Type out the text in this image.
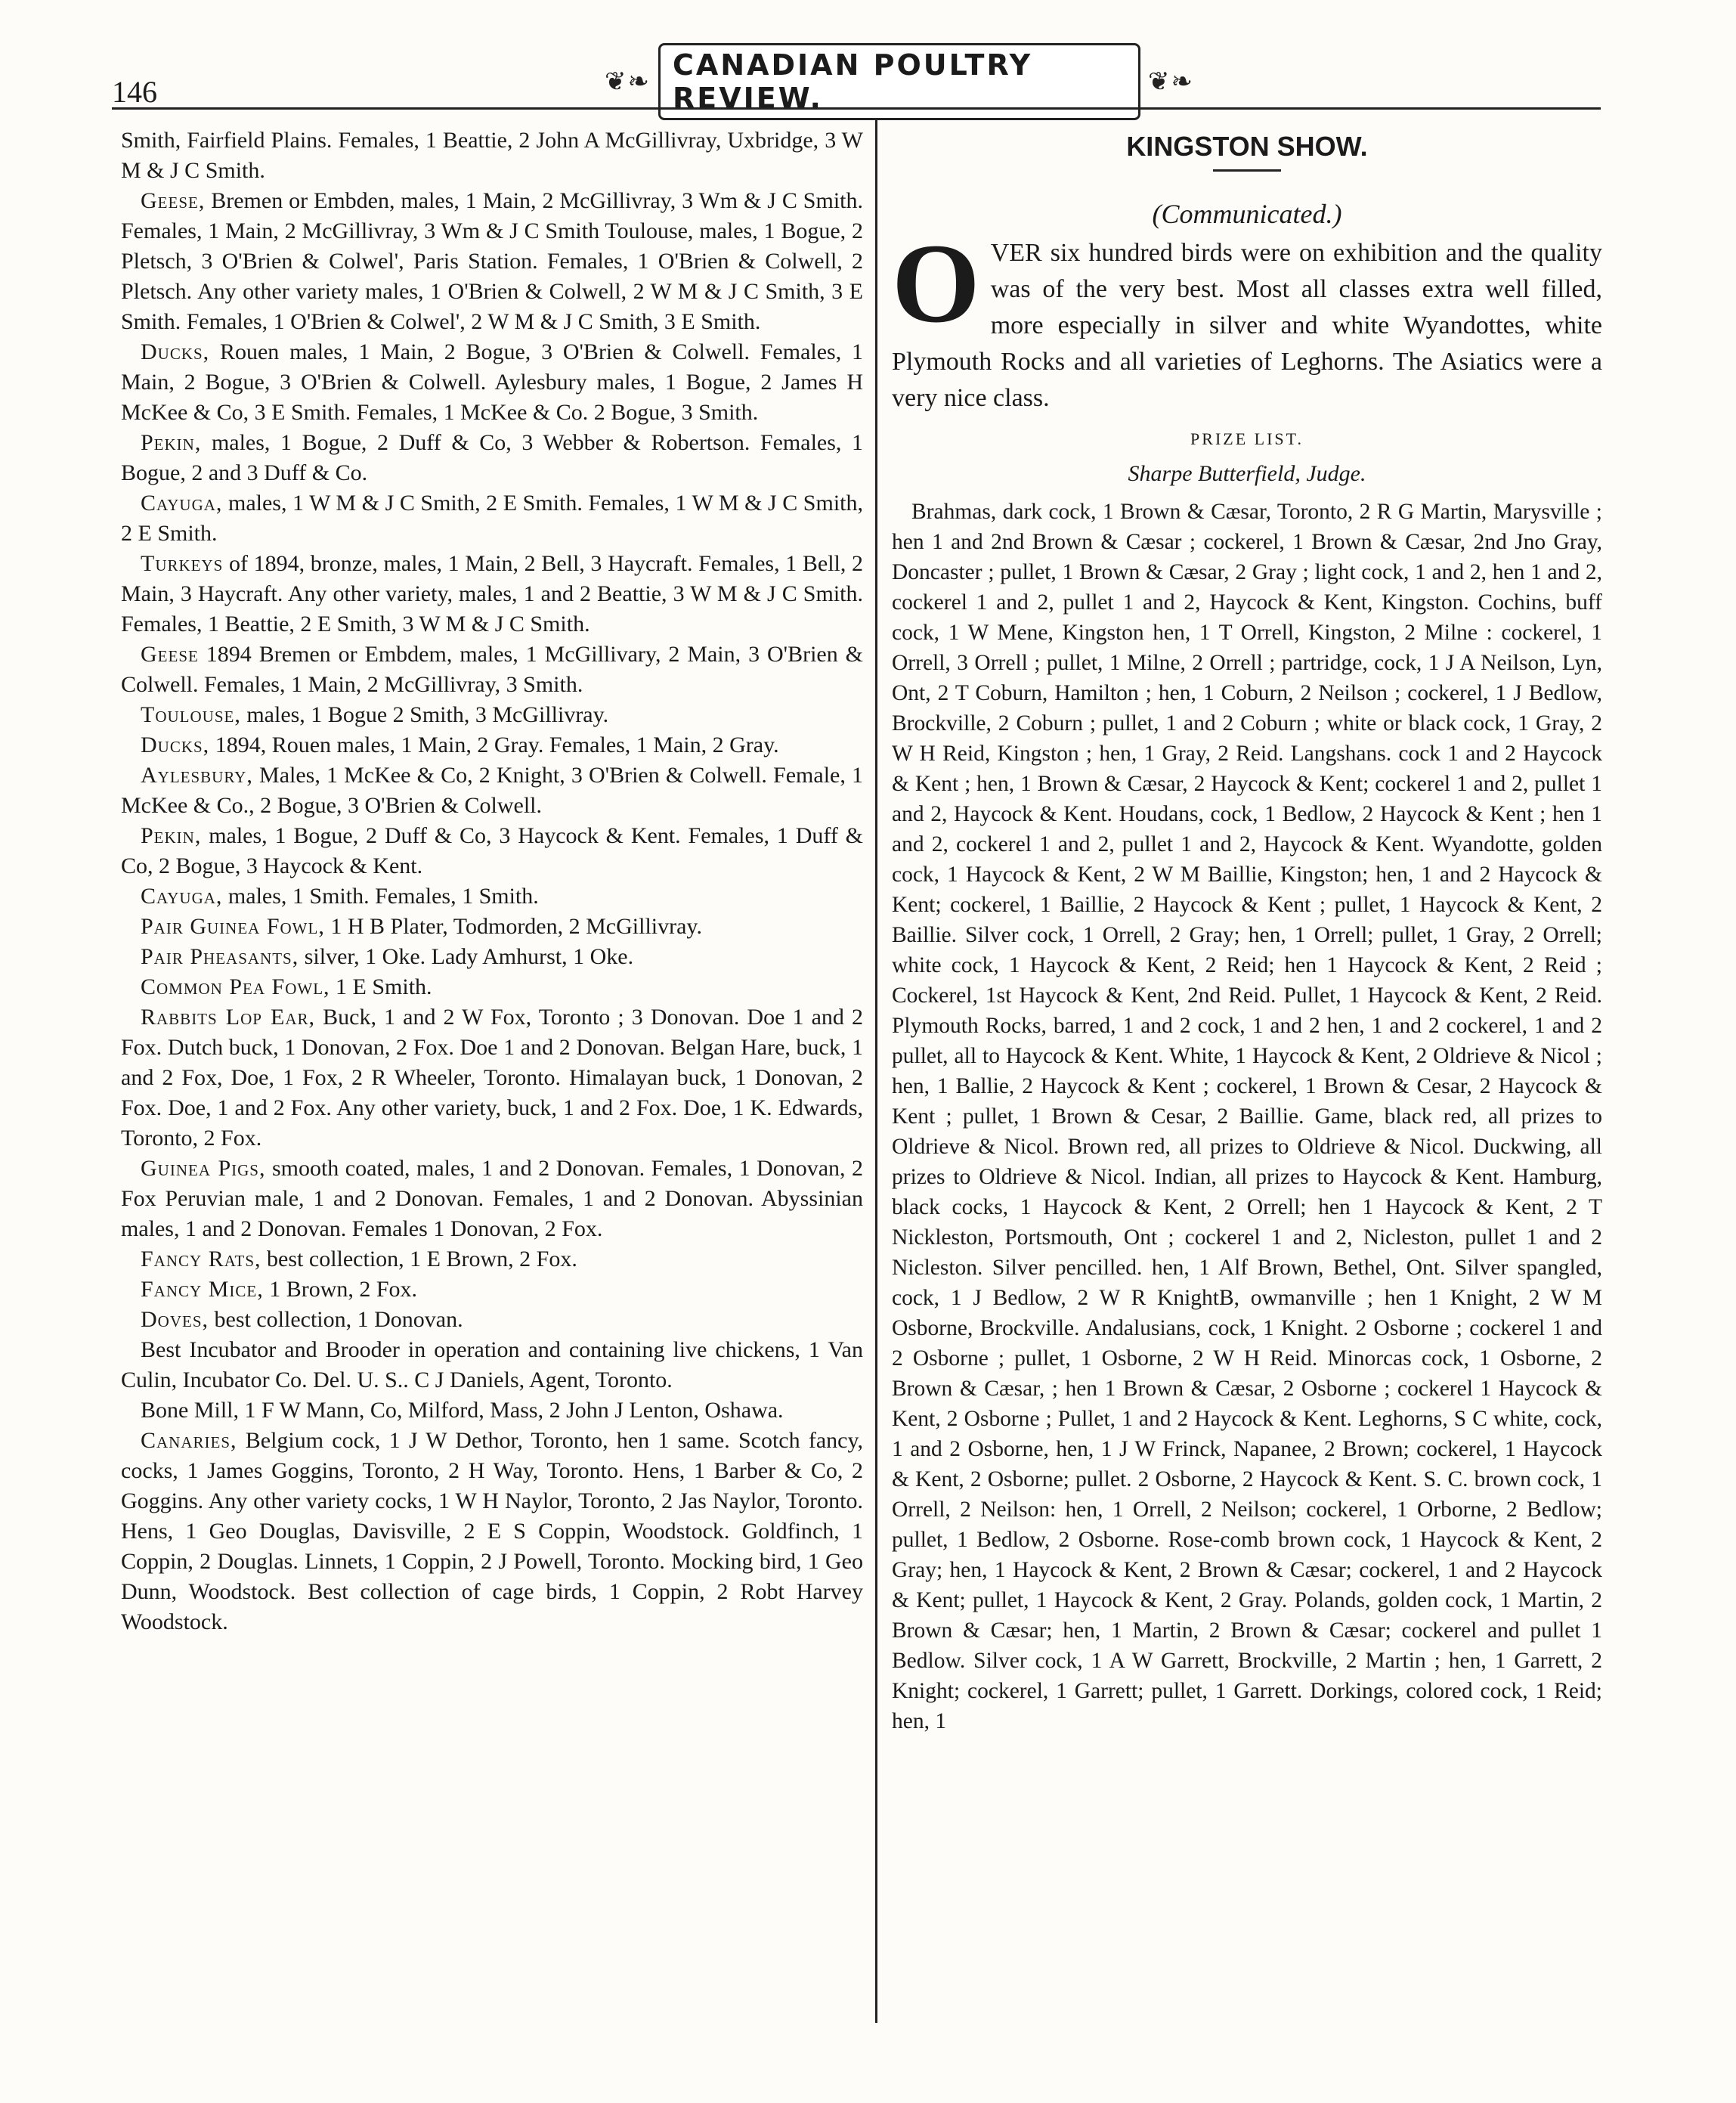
146	❦❧
CANADIAN POULTRY REVIEW.	❦❧

Smith, Fairfield Plains. Females, 1 Beattie, 2 John A McGillivray, Uxbridge, 3 W M & J C Smith.

Geese, Bremen or Embden, males, 1 Main, 2 McGillivray, 3 Wm & J C Smith. Females, 1 Main, 2 McGillivray, 3 Wm & J C Smith Toulouse, males, 1 Bogue, 2 Pletsch, 3 O'Brien & Colwel', Paris Station. Females, 1 O'Brien & Colwell, 2 Pletsch. Any other variety males, 1 O'Brien & Colwell, 2 W M & J C Smith, 3 E Smith. Females, 1 O'Brien & Colwel', 2 W M & J C Smith, 3 E Smith.

Ducks, Rouen males, 1 Main, 2 Bogue, 3 O'Brien & Colwell. Females, 1 Main, 2 Bogue, 3 O'Brien & Colwell. Aylesbury males, 1 Bogue, 2 James H McKee & Co, 3 E Smith. Females, 1 McKee & Co. 2 Bogue, 3 Smith.

Pekin, males, 1 Bogue, 2 Duff & Co, 3 Webber & Robertson. Females, 1 Bogue, 2 and 3 Duff & Co.

Cayuga, males, 1 W M & J C Smith, 2 E Smith. Females, 1 W M & J C Smith, 2 E Smith.

Turkeys of 1894, bronze, males, 1 Main, 2 Bell, 3 Haycraft. Females, 1 Bell, 2 Main, 3 Haycraft. Any other variety, males, 1 and 2 Beattie, 3 W M & J C Smith. Females, 1 Beattie, 2 E Smith, 3 W M & J C Smith.

Geese 1894 Bremen or Embdem, males, 1 McGillivary, 2 Main, 3 O'Brien & Colwell. Females, 1 Main, 2 McGillivray, 3 Smith.

Toulouse, males, 1 Bogue 2 Smith, 3 McGillivray.

Ducks, 1894, Rouen males, 1 Main, 2 Gray. Females, 1 Main, 2 Gray.

Aylesbury, Males, 1 McKee & Co, 2 Knight, 3 O'Brien & Colwell. Female, 1 McKee & Co., 2 Bogue, 3 O'Brien & Colwell.

Pekin, males, 1 Bogue, 2 Duff & Co, 3 Haycock & Kent. Females, 1 Duff & Co, 2 Bogue, 3 Haycock & Kent.

Cayuga, males, 1 Smith. Females, 1 Smith.

Pair Guinea Fowl, 1 H B Plater, Todmorden, 2 McGillivray.

Pair Pheasants, silver, 1 Oke. Lady Amhurst, 1 Oke.

Common Pea Fowl, 1 E Smith.

Rabbits Lop Ear, Buck, 1 and 2 W Fox, Toronto ; 3 Donovan. Doe 1 and 2 Fox. Dutch buck, 1 Donovan, 2 Fox. Doe 1 and 2 Donovan. Belgan Hare, buck, 1 and 2 Fox, Doe, 1 Fox, 2 R Wheeler, Toronto. Himalayan buck, 1 Donovan, 2 Fox. Doe, 1 and 2 Fox. Any other variety, buck, 1 and 2 Fox. Doe, 1 K. Edwards, Toronto, 2 Fox.

Guinea Pigs, smooth coated, males, 1 and 2 Donovan. Females, 1 Donovan, 2 Fox Peruvian male, 1 and 2 Donovan. Females, 1 and 2 Donovan. Abyssinian males, 1 and 2 Donovan. Females 1 Donovan, 2 Fox.

Fancy Rats, best collection, 1 E Brown, 2 Fox.

Fancy Mice, 1 Brown, 2 Fox.

Doves, best collection, 1 Donovan.

Best Incubator and Brooder in operation and containing live chickens, 1 Van Culin, Incubator Co. Del. U. S.. C J Daniels, Agent, Toronto.

Bone Mill, 1 F W Mann, Co, Milford, Mass, 2 John J Lenton, Oshawa.

Canaries, Belgium cock, 1 J W Dethor, Toronto, hen 1 same. Scotch fancy, cocks, 1 James Goggins, Toronto, 2 H Way, Toronto. Hens, 1 Barber & Co, 2 Goggins. Any other variety cocks, 1 W H Naylor, Toronto, 2 Jas Naylor, Toronto. Hens, 1 Geo Douglas, Davisville, 2 E S Coppin, Woodstock. Goldfinch, 1 Coppin, 2 Douglas. Linnets, 1 Coppin, 2 J Powell, Toronto. Mocking bird, 1 Geo Dunn, Woodstock. Best collection of cage birds, 1 Coppin, 2 Robt Harvey Woodstock.

KINGSTON SHOW.
(Communicated.)
OVER six hundred birds were on exhibition and the quality was of the very best. Most all classes extra well filled, more especially in silver and white Wyandottes, white Plymouth Rocks and all varieties of Leghorns. The Asiatics were a very nice class.
PRIZE LIST.
Sharpe Butterfield, Judge.

Brahmas, dark cock, 1 Brown & Cæsar, Toronto, 2 R G Martin, Marysville ; hen 1 and 2nd Brown & Cæsar ; cockerel, 1 Brown & Cæsar, 2nd Jno Gray, Doncaster ; pullet, 1 Brown & Cæsar, 2 Gray ; light cock, 1 and 2, hen 1 and 2, cockerel 1 and 2, pullet 1 and 2, Haycock & Kent, Kingston. Cochins, buff cock, 1 W Mene, Kingston hen, 1 T Orrell, Kingston, 2 Milne : cockerel, 1 Orrell, 3 Orrell ; pullet, 1 Milne, 2 Orrell ; partridge, cock, 1 J A Neilson, Lyn, Ont, 2 T Coburn, Hamilton ; hen, 1 Coburn, 2 Neilson ; cockerel, 1 J Bedlow, Brockville, 2 Coburn ; pullet, 1 and 2 Coburn ; white or black cock, 1 Gray, 2 W H Reid, Kingston ; hen, 1 Gray, 2 Reid. Langshans. cock 1 and 2 Haycock & Kent ; hen, 1 Brown & Cæsar, 2 Haycock & Kent; cockerel 1 and 2, pullet 1 and 2, Haycock & Kent. Houdans, cock, 1 Bedlow, 2 Haycock & Kent ; hen 1 and 2, cockerel 1 and 2, pullet 1 and 2, Haycock & Kent. Wyandotte, golden cock, 1 Haycock & Kent, 2 W M Baillie, Kingston; hen, 1 and 2 Haycock & Kent; cockerel, 1 Baillie, 2 Haycock & Kent ; pullet, 1 Haycock & Kent, 2 Baillie. Silver cock, 1 Orrell, 2 Gray; hen, 1 Orrell; pullet, 1 Gray, 2 Orrell; white cock, 1 Haycock & Kent, 2 Reid; hen 1 Haycock & Kent, 2 Reid ; Cockerel, 1st Haycock & Kent, 2nd Reid. Pullet, 1 Haycock & Kent, 2 Reid. Plymouth Rocks, barred, 1 and 2 cock, 1 and 2 hen, 1 and 2 cockerel, 1 and 2 pullet, all to Haycock & Kent. White, 1 Haycock & Kent, 2 Oldrieve & Nicol ; hen, 1 Ballie, 2 Haycock & Kent ; cockerel, 1 Brown & Cesar, 2 Haycock & Kent ; pullet, 1 Brown & Cesar, 2 Baillie. Game, black red, all prizes to Oldrieve & Nicol. Brown red, all prizes to Oldrieve & Nicol. Duckwing, all prizes to Oldrieve & Nicol. Indian, all prizes to Haycock & Kent. Hamburg, black cocks, 1 Haycock & Kent, 2 Orrell; hen 1 Haycock & Kent, 2 T Nickleston, Portsmouth, Ont ; cockerel 1 and 2, Nicleston, pullet 1 and 2 Nicleston. Silver pencilled. hen, 1 Alf Brown, Bethel, Ont. Silver spangled, cock, 1 J Bedlow, 2 W R KnightB, owmanville ; hen 1 Knight, 2 W M Osborne, Brockville. Andalusians, cock, 1 Knight. 2 Osborne ; cockerel 1 and 2 Osborne ; pullet, 1 Osborne, 2 W H Reid. Minorcas cock, 1 Osborne, 2 Brown & Cæsar, ; hen 1 Brown & Cæsar, 2 Osborne ; cockerel 1 Haycock & Kent, 2 Osborne ; Pullet, 1 and 2 Haycock & Kent. Leghorns, S C white, cock, 1 and 2 Osborne, hen, 1 J W Frinck, Napanee, 2 Brown; cockerel, 1 Haycock & Kent, 2 Osborne; pullet. 2 Osborne, 2 Haycock & Kent. S. C. brown cock, 1 Orrell, 2 Neilson: hen, 1 Orrell, 2 Neilson; cockerel, 1 Orborne, 2 Bedlow; pullet, 1 Bedlow, 2 Osborne. Rose-comb brown cock, 1 Haycock & Kent, 2 Gray; hen, 1 Haycock & Kent, 2 Brown & Cæsar; cockerel, 1 and 2 Haycock & Kent; pullet, 1 Haycock & Kent, 2 Gray. Polands, golden cock, 1 Martin, 2 Brown & Cæsar; hen, 1 Martin, 2 Brown & Cæsar; cockerel and pullet 1 Bedlow. Silver cock, 1 A W Garrett, Brockville, 2 Martin ; hen, 1 Garrett, 2 Knight; cockerel, 1 Garrett; pullet, 1 Garrett. Dorkings, colored cock, 1 Reid; hen, 1
